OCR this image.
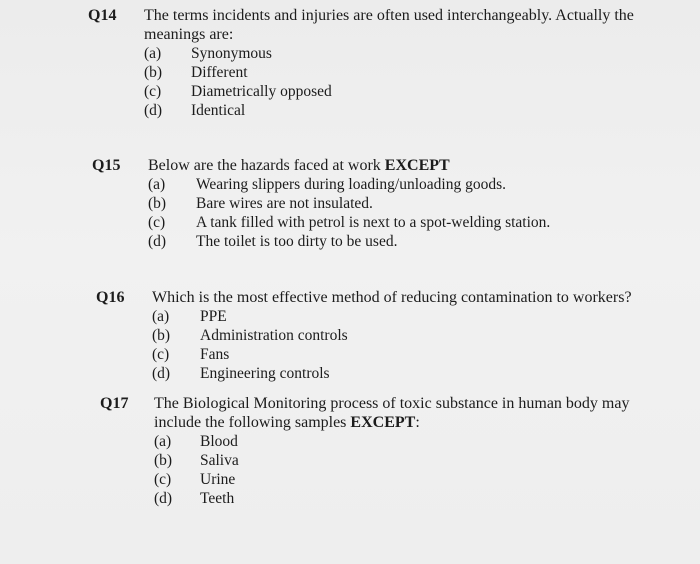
Q14 The terms incidents and injuries are often used interchangeably. Actually the meanings are:
(a)	Synonymous
(b)	Different
(c)	Diametrically opposed
(d)	Identical
Q15 Below are the hazards faced at work EXCEPT
(a)	Wearing slippers during loading/unloading goods.
(b)	Bare wires are not insulated.
(c)	A tank filled with petrol is next to a spot-welding station.
(d)	The toilet is too dirty to be used.
Q16 Which is the most effective method of reducing contamination to workers?
(a)	PPE
(b)	Administration controls
(c)	Fans
(d)	Engineering controls
Q17 The Biological Monitoring process of toxic substance in human body may include the following samples EXCEPT:
(a)	Blood
(b)	Saliva
(c)	Urine
(d)	Teeth
